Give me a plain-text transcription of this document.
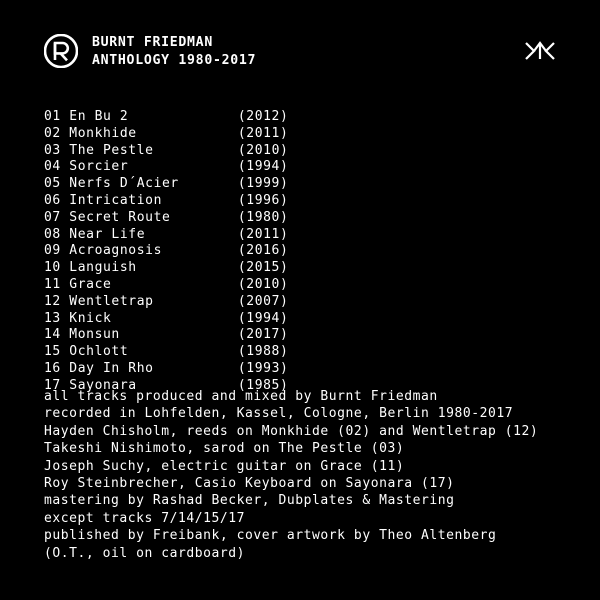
BURNT FRIEDMAN
ANTHOLOGY 1980-2017
01 En Bu 2	(2012)
02 Monkhide	(2011)
03 The Pestle	(2010)
04 Sorcier	(1994)
05 Nerfs D´Acier	(1999)
06 Intrication	(1996)
07 Secret Route	(1980)
08 Near Life	(2011)
09 Acroagnosis	(2016)
10 Languish	(2015)
11 Grace	(2010)
12 Wentletrap	(2007)
13 Knick	(1994)
14 Monsun	(2017)
15 Ochlott	(1988)
16 Day In Rho	(1993)
17 Sayonara	(1985)
all tracks produced and mixed by Burnt Friedman
recorded in Lohfelden, Kassel, Cologne, Berlin 1980-2017
Hayden Chisholm, reeds on Monkhide (02) and Wentletrap (12)
Takeshi Nishimoto, sarod on The Pestle (03)
Joseph Suchy, electric guitar on Grace (11)
Roy Steinbrecher, Casio Keyboard on Sayonara (17)
mastering by Rashad Becker, Dubplates & Mastering
except tracks 7/14/15/17
published by Freibank, cover artwork by Theo Altenberg
(O.T., oil on cardboard)
